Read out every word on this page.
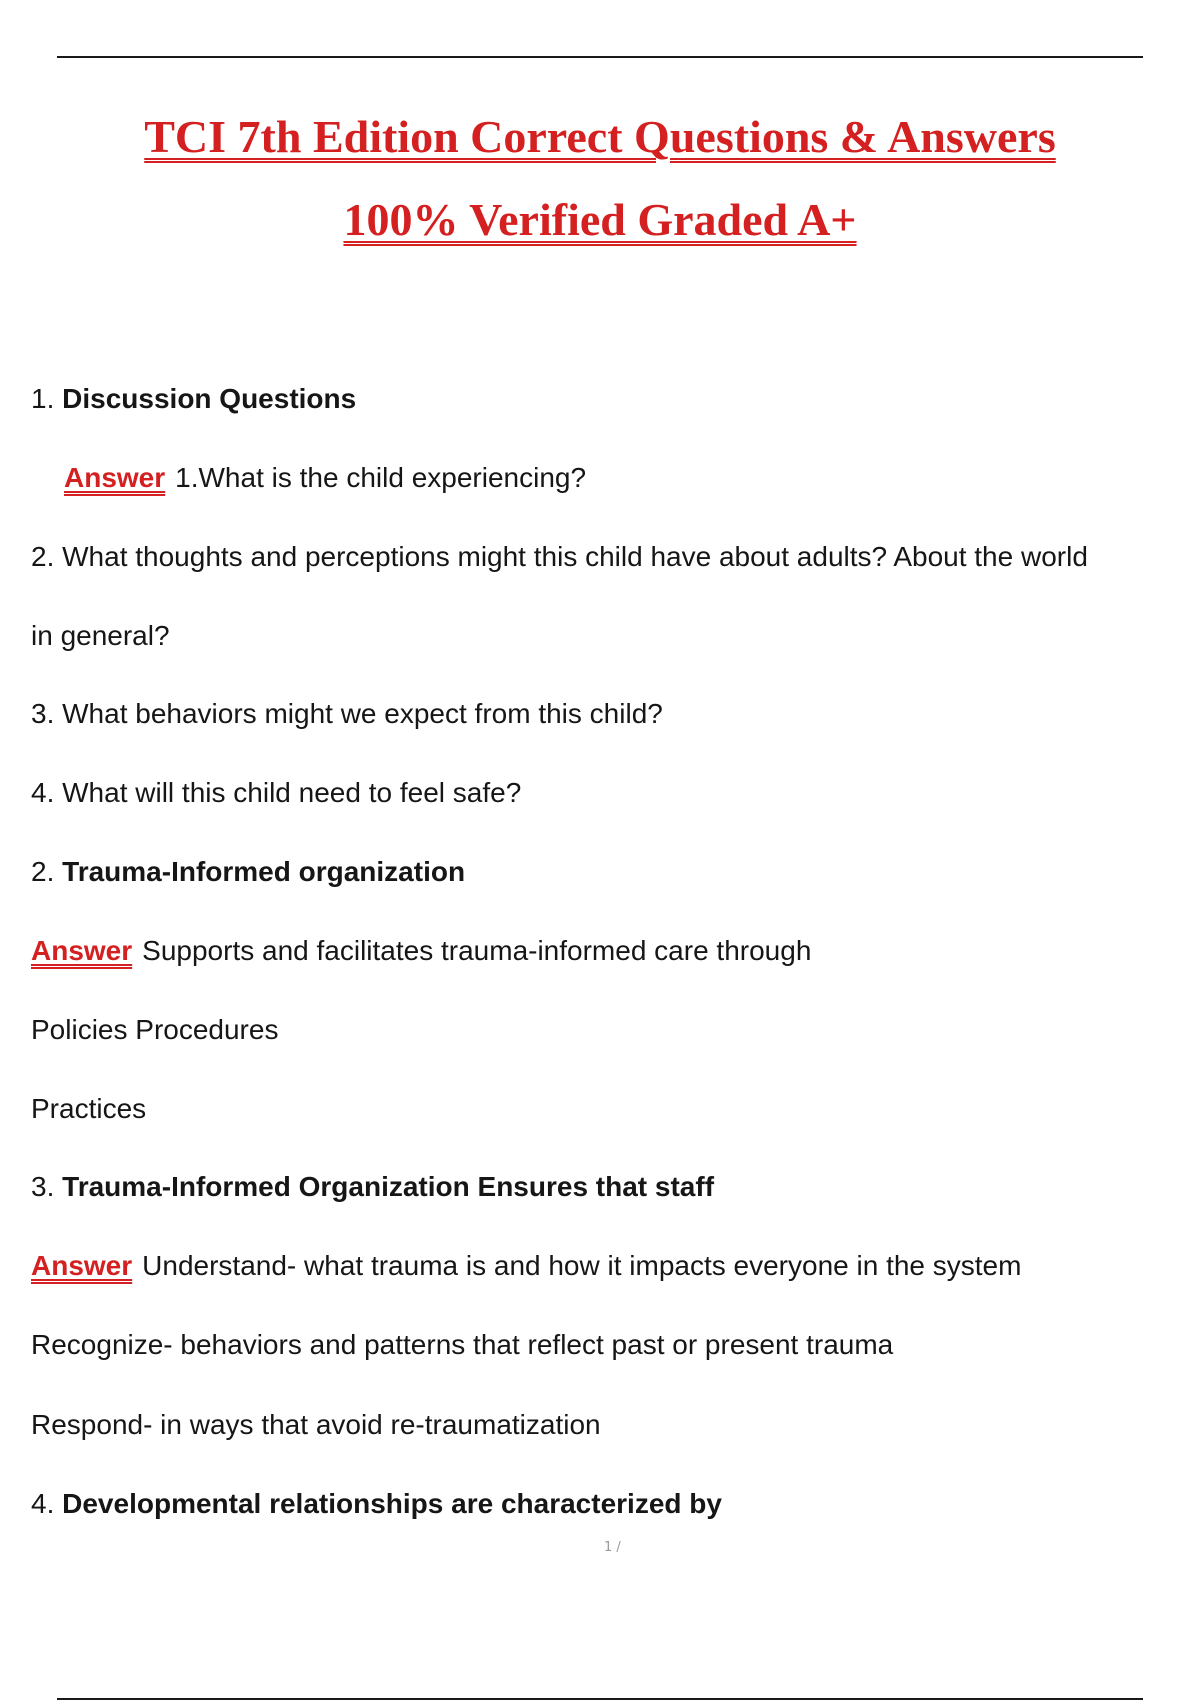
TCI 7th Edition Correct Questions & Answers
100% Verified Graded A+
1. Discussion Questions
Answer 1.What is the child experiencing?
2. What thoughts and perceptions might this child have about adults? About the world
in general?
3. What behaviors might we expect from this child?
4. What will this child need to feel safe?
2. Trauma-Informed organization
Answer Supports and facilitates trauma-informed care through
Policies Procedures
Practices
3. Trauma-Informed Organization Ensures that staff
Answer Understand- what trauma is and how it impacts everyone in the system
Recognize- behaviors and patterns that reflect past or present trauma
Respond- in ways that avoid re-traumatization
4. Developmental relationships are characterized by
1 /
